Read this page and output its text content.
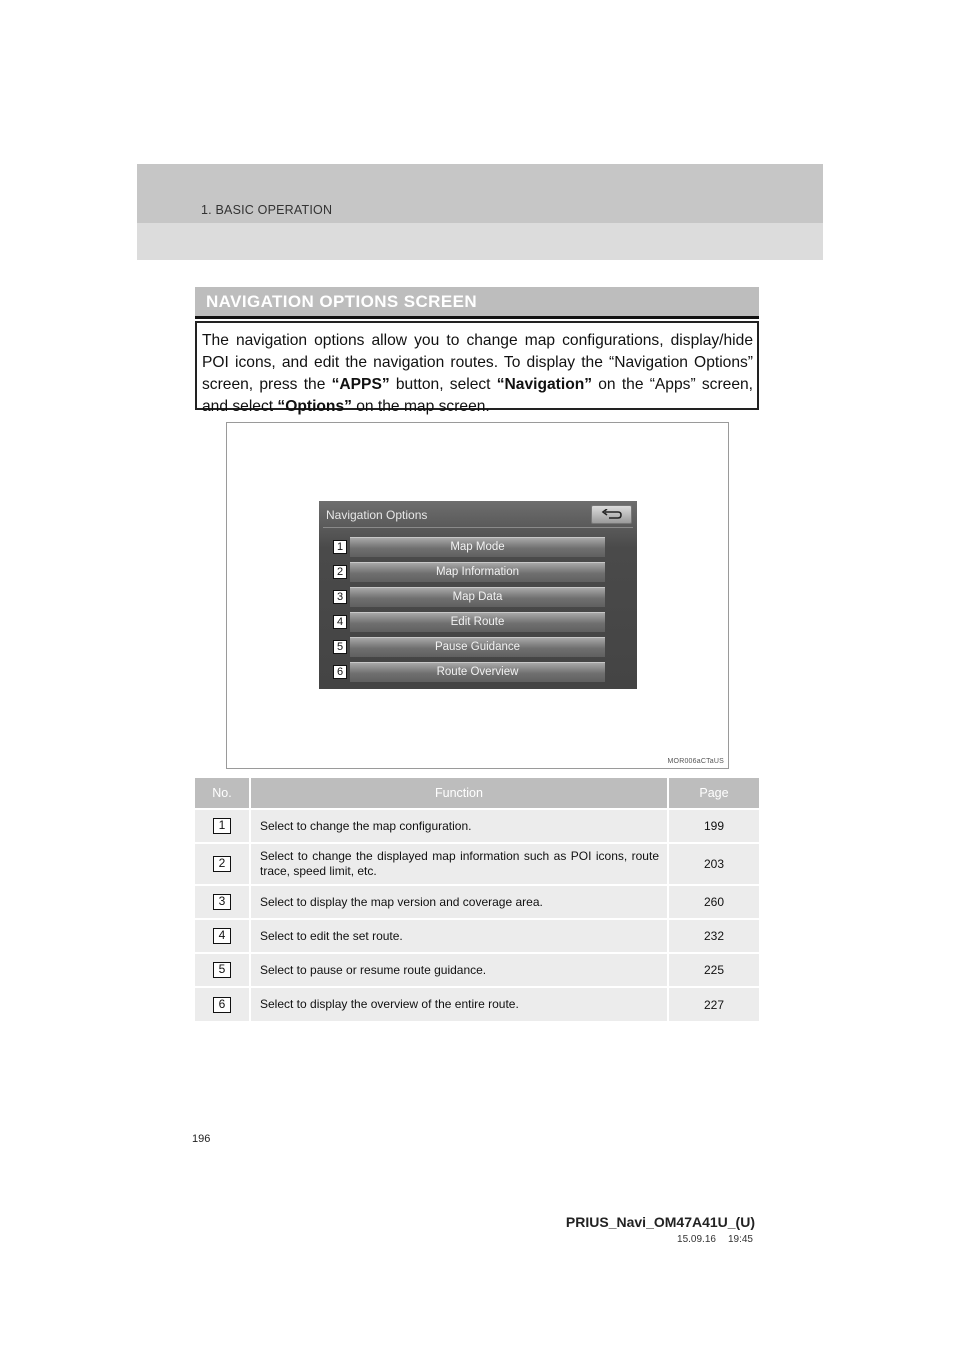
1. BASIC OPERATION
NAVIGATION OPTIONS SCREEN
The navigation options allow you to change map configurations, display/hide POI icons, and edit the navigation routes. To display the “Navigation Options” screen, press the “APPS” button, select “Navigation” on the “Apps” screen, and select “Options” on the map screen.
Navigation Options
1	Map Mode
2	Map Information
3	Map Data
4	Edit Route
5	Pause Guidance
6	Route Overview
MOR006aCTaUS
No.	Function	Page
1	Select to change the map configuration.	199
2	Select to change the displayed map information such as POI icons, route trace, speed limit, etc.	203
3	Select to display the map version and coverage area.	260
4	Select to edit the set route.	232
5	Select to pause or resume route guidance.	225
6	Select to display the overview of the entire route.	227
196
PRIUS_Navi_OM47A41U_(U)
15.09.16 19:45
